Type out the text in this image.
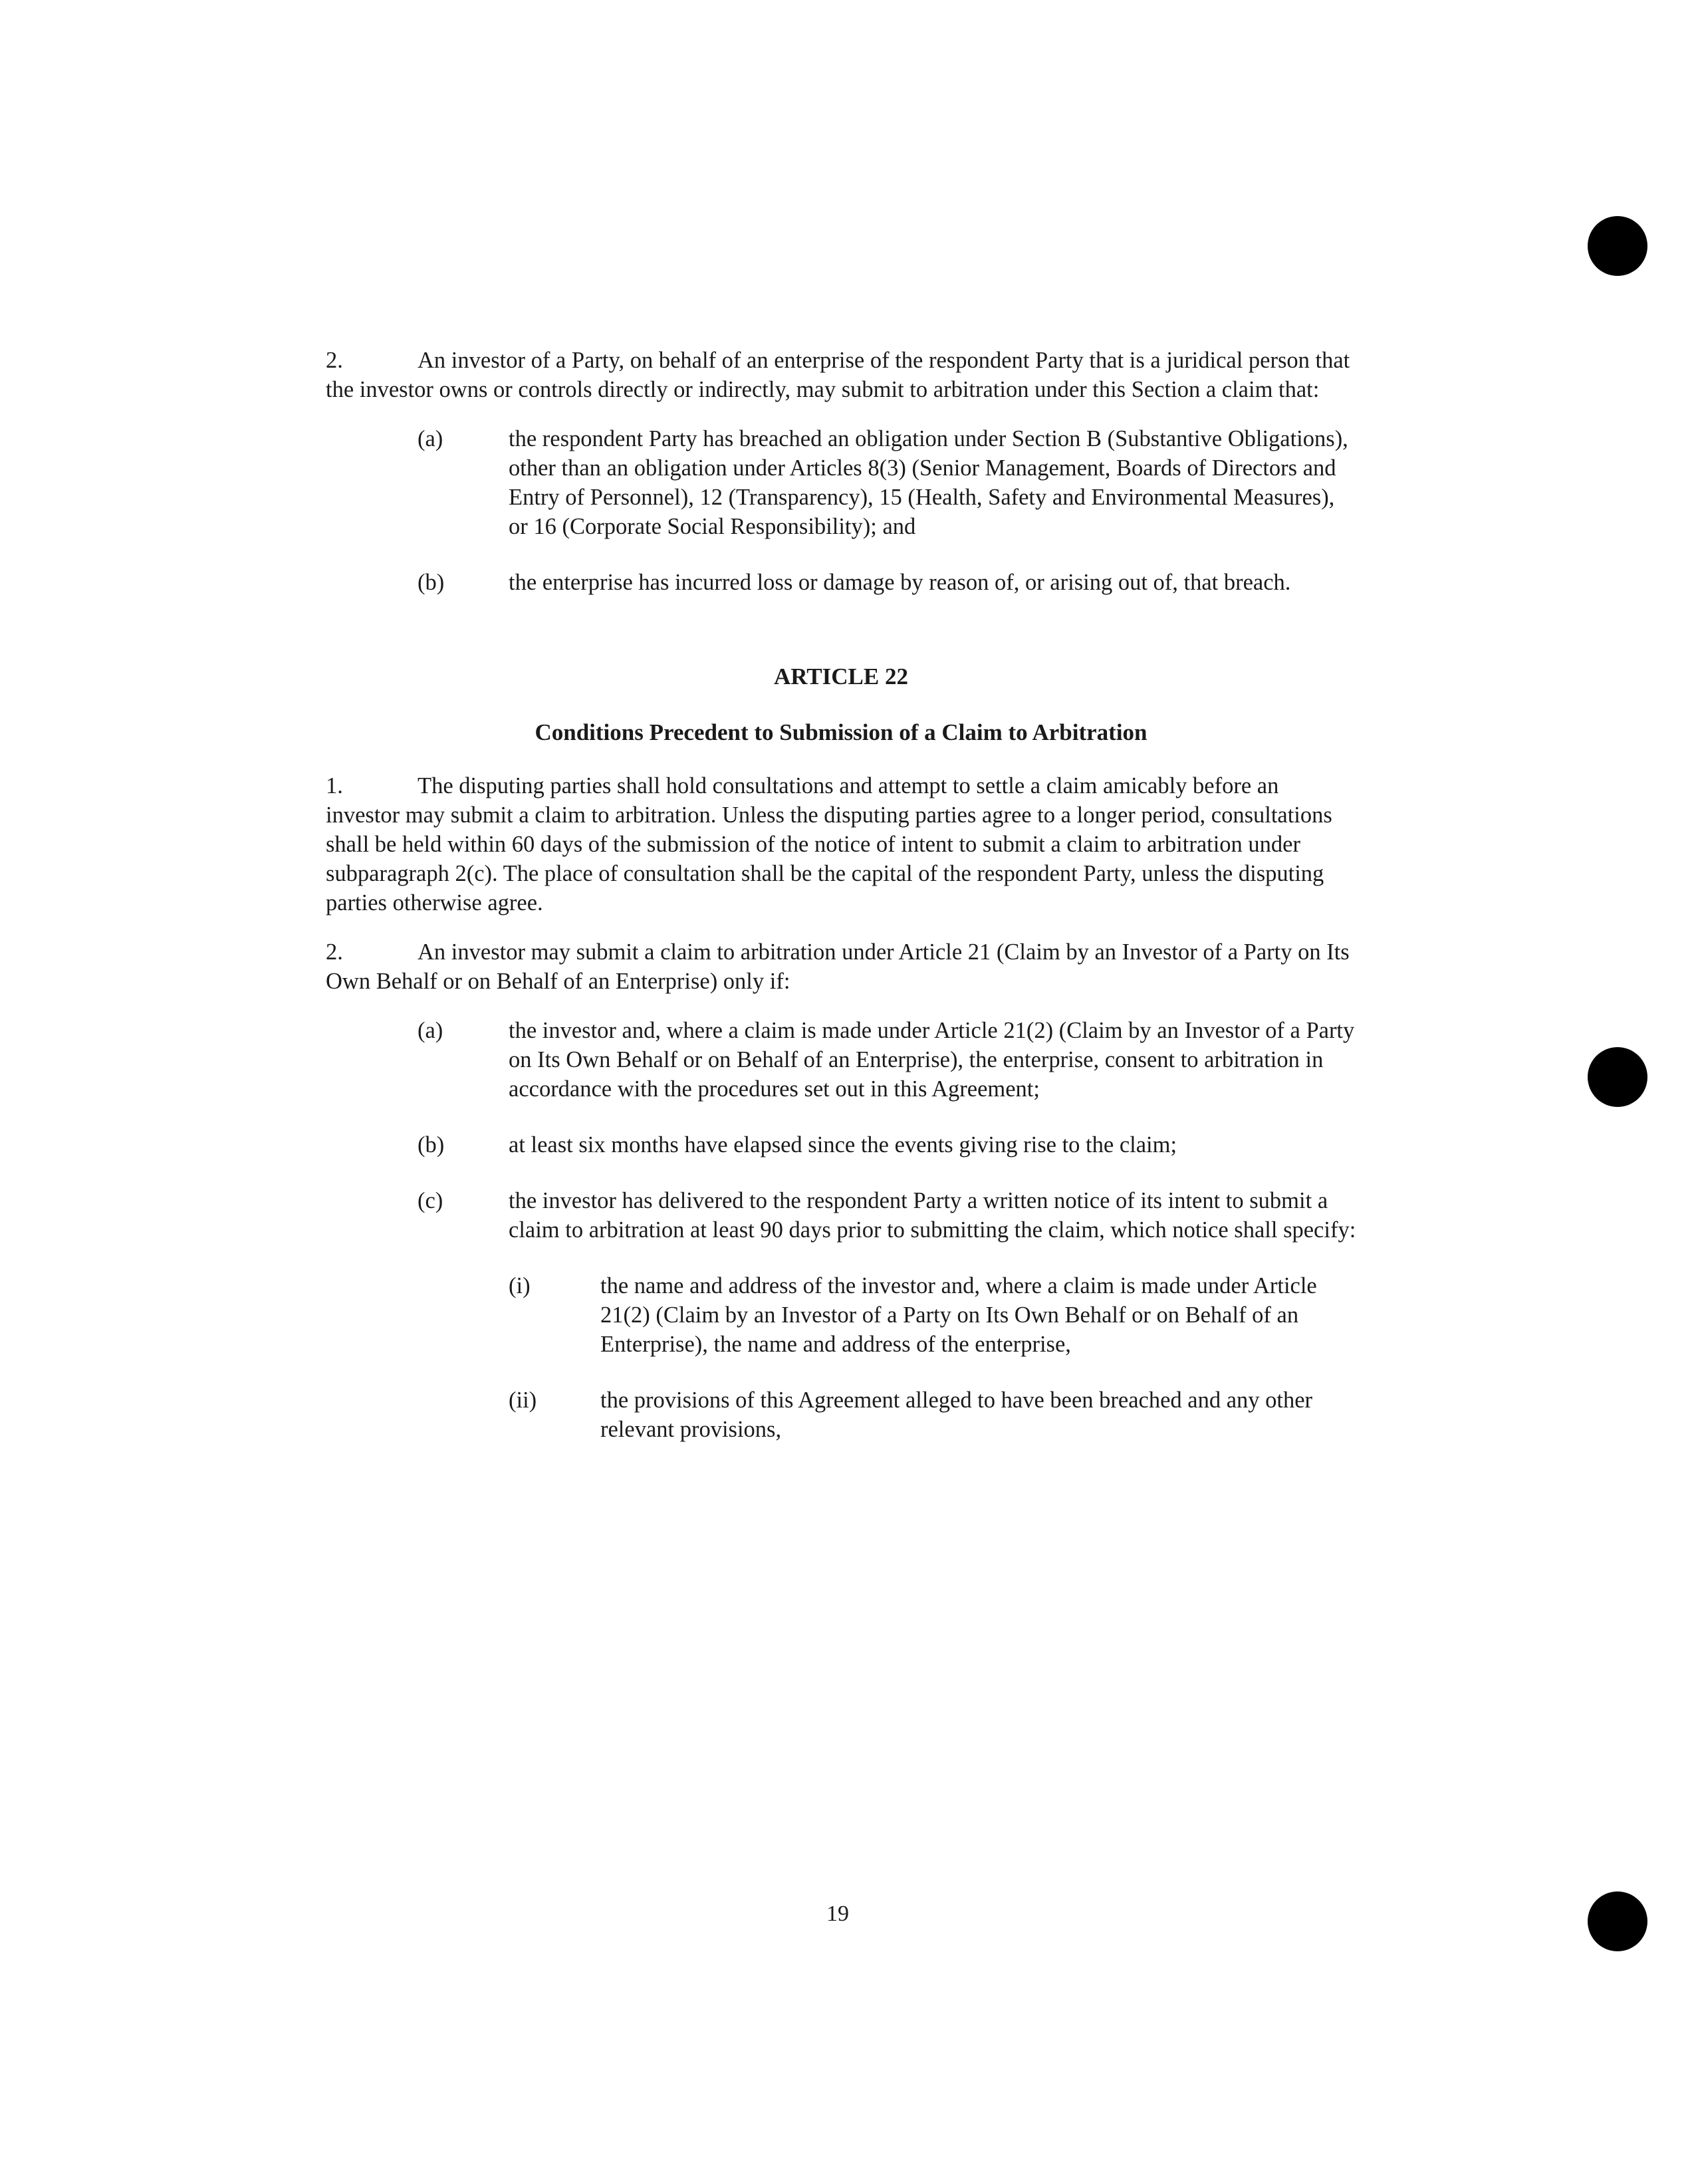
2.	An investor of a Party, on behalf of an enterprise of the respondent Party that is a juridical person that the investor owns or controls directly or indirectly, may submit to arbitration under this Section a claim that:

(a)	the respondent Party has breached an obligation under Section B (Substantive Obligations), other than an obligation under Articles 8(3) (Senior Management, Boards of Directors and Entry of Personnel), 12 (Transparency), 15 (Health, Safety and Environmental Measures), or 16 (Corporate Social Responsibility); and
(b)	the enterprise has incurred loss or damage by reason of, or arising out of, that breach.

ARTICLE 22

Conditions Precedent to Submission of a Claim to Arbitration

1.	The disputing parties shall hold consultations and attempt to settle a claim amicably before an investor may submit a claim to arbitration. Unless the disputing parties agree to a longer period, consultations shall be held within 60 days of the submission of the notice of intent to submit a claim to arbitration under subparagraph 2(c). The place of consultation shall be the capital of the respondent Party, unless the disputing parties otherwise agree.

2.	An investor may submit a claim to arbitration under Article 21 (Claim by an Investor of a Party on Its Own Behalf or on Behalf of an Enterprise) only if:

(a)	the investor and, where a claim is made under Article 21(2) (Claim by an Investor of a Party on Its Own Behalf or on Behalf of an Enterprise), the enterprise, consent to arbitration in accordance with the procedures set out in this Agreement;
(b)	at least six months have elapsed since the events giving rise to the claim;
(c)	the investor has delivered to the respondent Party a written notice of its intent to submit a claim to arbitration at least 90 days prior to submitting the claim, which notice shall specify:
(i)	the name and address of the investor and, where a claim is made under Article 21(2) (Claim by an Investor of a Party on Its Own Behalf or on Behalf of an Enterprise), the name and address of the enterprise,
(ii)	the provisions of this Agreement alleged to have been breached and any other relevant provisions,
19
